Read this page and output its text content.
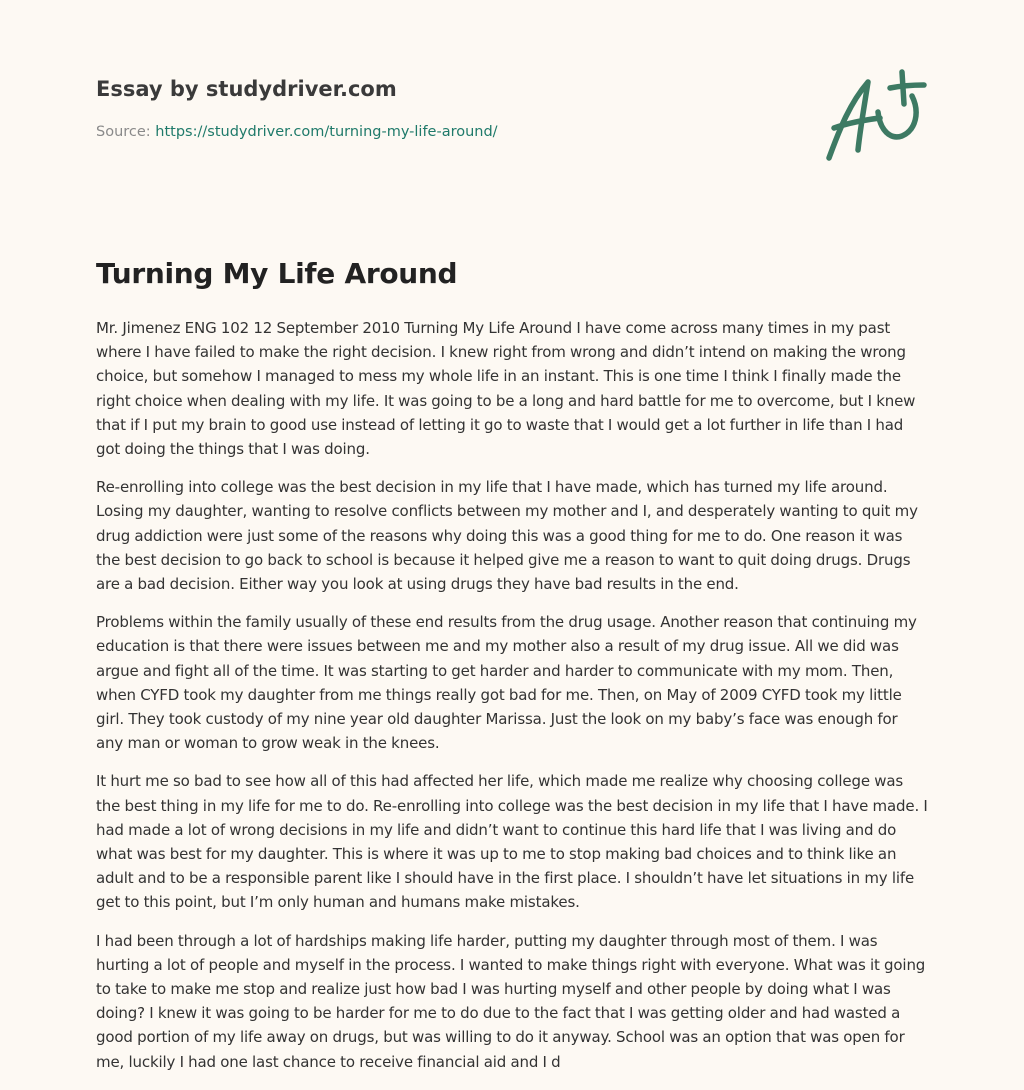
Essay by studydriver.com
Source: https://studydriver.com/turning-my-life-around/
Turning My Life Around

Mr. Jimenez ENG 102 12 September 2010 Turning My Life Around I have come across many times in my past where I have failed to make the right decision. I knew right from wrong and didn’t intend on making the wrong choice, but somehow I managed to mess my whole life in an instant. This is one time I think I finally made the right choice when dealing with my life. It was going to be a long and hard battle for me to overcome, but I knew that if I put my brain to good use instead of letting it go to waste that I would get a lot further in life than I had got doing the things that I was doing.

Re-enrolling into college was the best decision in my life that I have made, which has turned my life around. Losing my daughter, wanting to resolve conflicts between my mother and I, and desperately wanting to quit my drug addiction were just some of the reasons why doing this was a good thing for me to do. One reason it was the best decision to go back to school is because it helped give me a reason to want to quit doing drugs. Drugs are a bad decision. Either way you look at using drugs they have bad results in the end.

Problems within the family usually of these end results from the drug usage. Another reason that continuing my education is that there were issues between me and my mother also a result of my drug issue. All we did was argue and fight all of the time. It was starting to get harder and harder to communicate with my mom. Then, when CYFD took my daughter from me things really got bad for me. Then, on May of 2009 CYFD took my little girl. They took custody of my nine year old daughter Marissa. Just the look on my baby’s face was enough for any man or woman to grow weak in the knees.

It hurt me so bad to see how all of this had affected her life, which made me realize why choosing college was the best thing in my life for me to do. Re-enrolling into college was the best decision in my life that I have made. I had made a lot of wrong decisions in my life and didn’t want to continue this hard life that I was living and do what was best for my daughter. This is where it was up to me to stop making bad choices and to think like an adult and to be a responsible parent like I should have in the first place. I shouldn’t have let situations in my life get to this point, but I’m only human and humans make mistakes.

I had been through a lot of hardships making life harder, putting my daughter through most of them. I was hurting a lot of people and myself in the process. I wanted to make things right with everyone. What was it going to take to make me stop and realize just how bad I was hurting myself and other people by doing what I was doing? I knew it was going to be harder for me to do due to the fact that I was getting older and had wasted a good portion of my life away on drugs, but was willing to do it anyway. School was an option that was open for me, luckily I had one last chance to receive financial aid and I d
